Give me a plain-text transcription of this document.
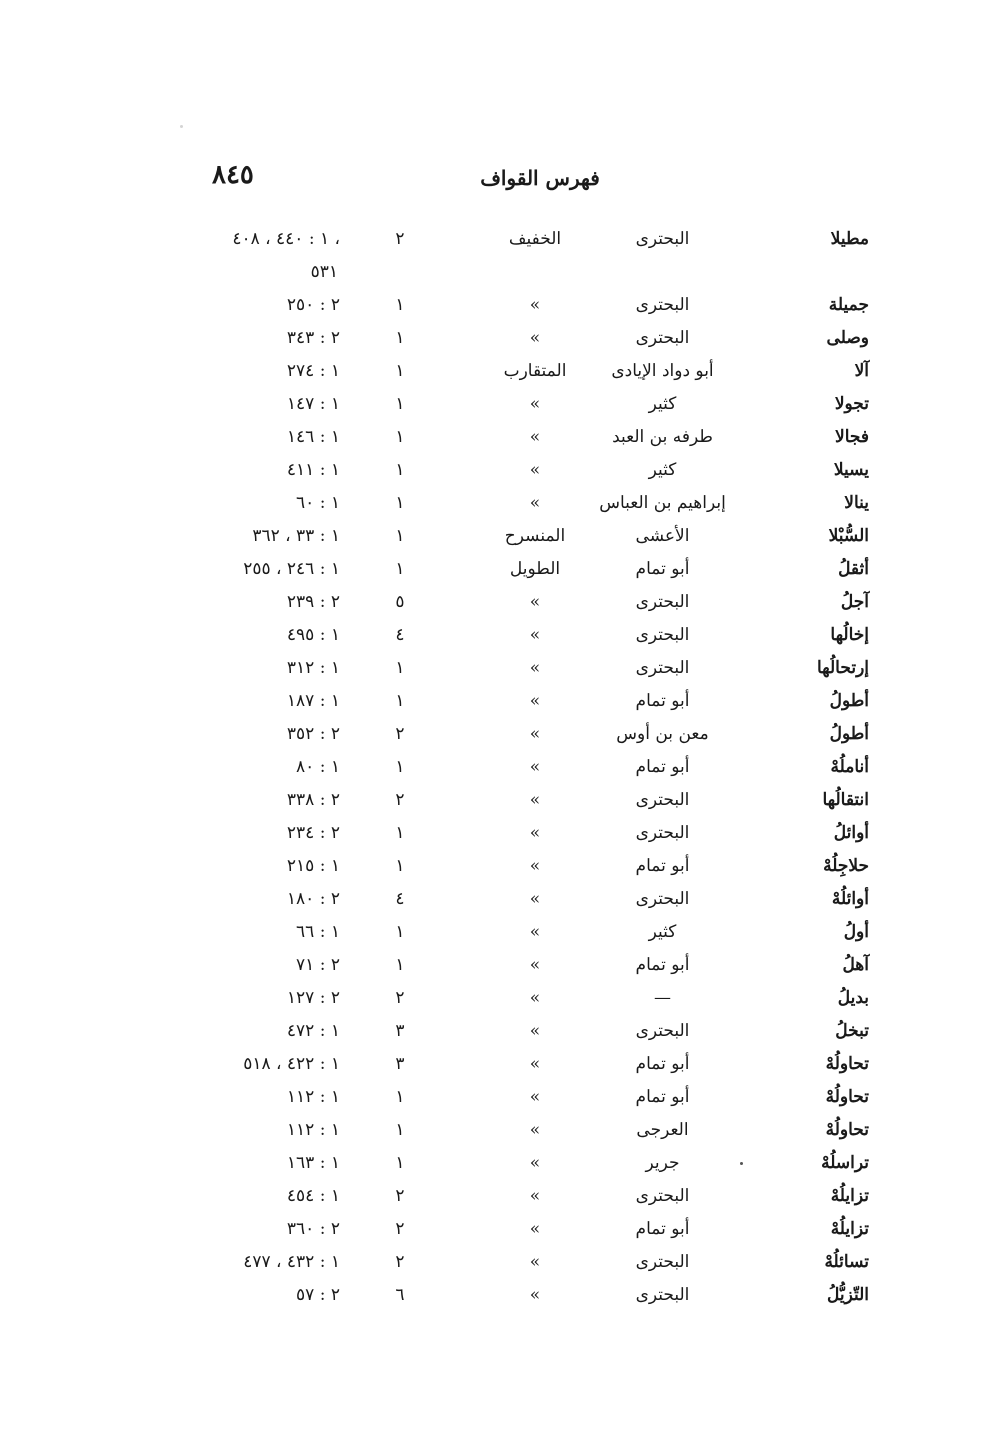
٨٤٥	فهرس القواف
مطيلا
البحترى
الخفيف
٢
١ : ٤٤٠ ، ٤٠٨ ،
٥٣١
جميلة
البحترى
»
١
٢ : ٢٥٠
وصلى
البحترى
»
١
٢ : ٣٤٣
آلا
أبو دواد الإيادى
المتقارب
١
١ : ٢٧٤
تجولا
كثير
»
١
١ : ١٤٧
فجالا
طرفه بن العبد
»
١
١ : ١٤٦
يسيلا
كثير
»
١
١ : ٤١١
ينالا
إبراهيم بن العباس
»
١
١ : ٦٠
السُّبْلا
الأعشى
المنسرح
١
١ : ٣٣ ، ٣٦٢
أثقلُ
أبو تمام
الطويل
١
١ : ٢٤٦ ، ٢٥٥
آجلُ
البحترى
»
٥
٢ : ٢٣٩
إخالُها
البحترى
»
٤
١ : ٤٩٥
إرتحالُها
البحترى
»
١
١ : ٣١٢
أطولُ
أبو تمام
»
١
١ : ١٨٧
أطولُ
معن بن أوس
»
٢
٢ : ٣٥٢
أناملُهْ
أبو تمام
»
١
١ : ٨٠
انتقالُها
البحترى
»
٢
٢ : ٣٣٨
أوائلُ
البحترى
»
١
٢ : ٢٣٤
حلاجِلُهْ
أبو تمام
»
١
١ : ٢١٥
أوائلُهْ
البحترى
»
٤
٢ : ١٨٠
أولُ
كثير
»
١
١ : ٦٦
آهلُ
أبو تمام
»
١
٢ : ٧١
بديلُ
—
»
٢
٢ : ١٢٧
تبخلُ
البحترى
»
٣
١ : ٤٧٢
تحاولُهْ
أبو تمام
»
٣
١ : ٤٢٢ ، ٥١٨
تحاولُهْ
أبو تمام
»
١
١ : ١١٢
تحاولُهْ
العرجى
»
١
١ : ١١٢
تراسلُهْ
جرير
»
١
١ : ١٦٣
تزايلُهْ
البحترى
»
٢
١ : ٤٥٤
تزايلُهْ
أبو تمام
»
٢
٢ : ٣٦٠
تسائلُهْ
البحترى
»
٢
١ : ٤٣٢ ، ٤٧٧
التّزيُّلُ
البحترى
»
٦
٢ : ٥٧
